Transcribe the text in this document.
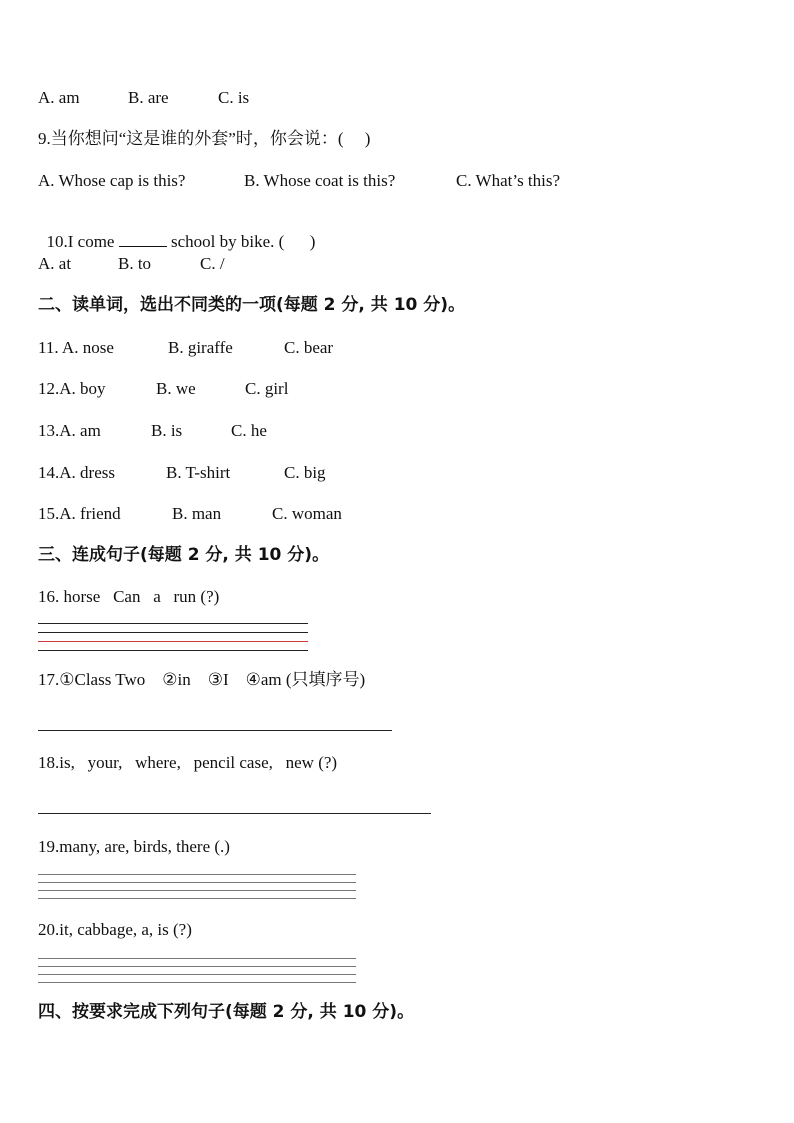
A. am

	B. are

	C. is

9.当你想问“这是谁的外套”时，你会说：(     )

A. Whose cap is this?

	B. Whose coat is this?

	C. What’s this?

10.I come	school by bike. (      )

A. at

	B. to

	C. /

二、读单词，选出不同类的一项(每题 2 分, 共 10 分)。

11. A. nose

	B. giraffe

	C. bear

12.A. boy

	B. we

	C. girl

13.A. am

	B. is

	C. he

14.A. dress

	B. T-shirt

	C. big

15.A. friend

	B. man

	C. woman

三、连成句子(每题 2 分, 共 10 分)。
16. horse   Can   a   run (?)
17.①Class Two    ②in    ③I    ④am (只填序号)
18.is,   your,   where,   pencil case,   new (?)
19.many, are, birds, there (.)
20.it, cabbage, a, is (?)
四、按要求完成下列句子(每题 2 分, 共 10 分)。
